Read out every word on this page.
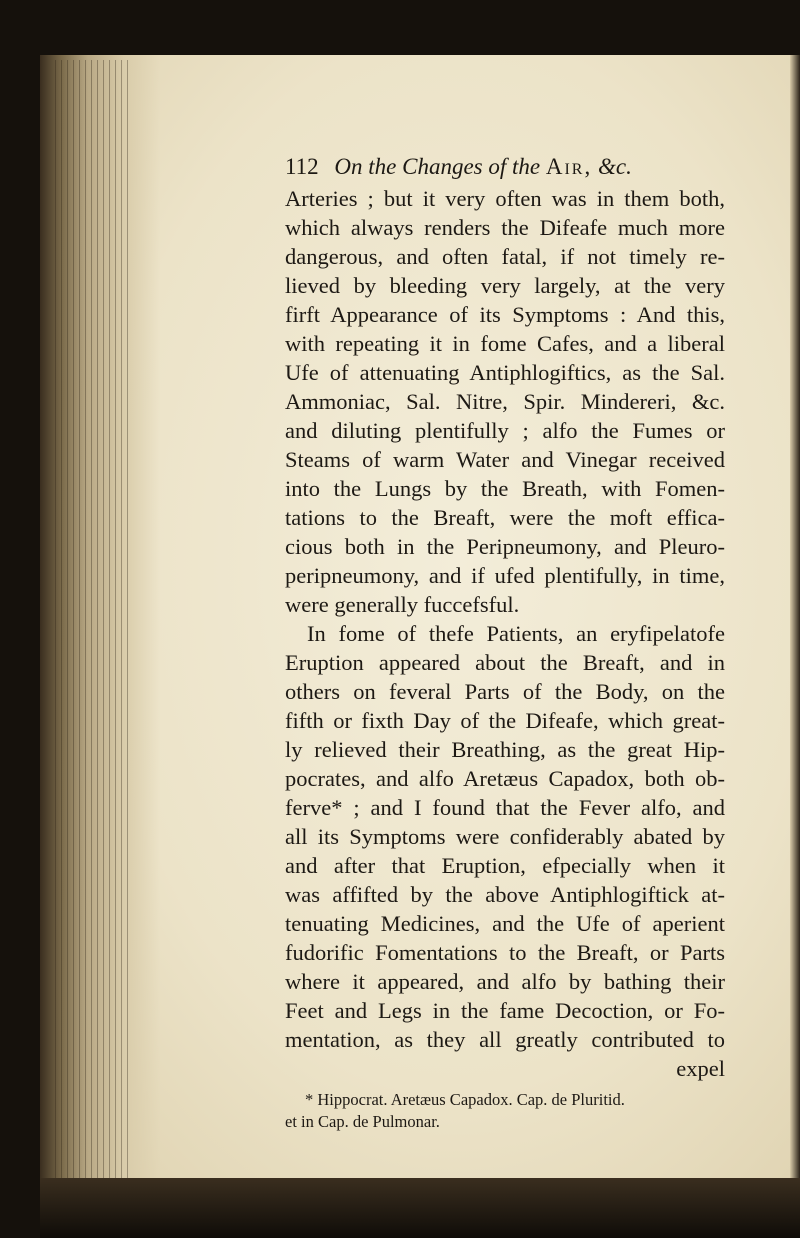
112 On the Changes of the Air, &c.
Arteries ; but it very often was in them both,
which always renders the Difeafe much more
dangerous, and often fatal, if not timely re-
lieved by bleeding very largely, at the very
firft Appearance of its Symptoms : And this,
with repeating it in fome Cafes, and a liberal
Ufe of attenuating Antiphlogiftics, as the Sal.
Ammoniac, Sal. Nitre, Spir. Mindereri, &c.
and diluting plentifully ; alfo the Fumes or
Steams of warm Water and Vinegar received
into the Lungs by the Breath, with Fomen-
tations to the Breaft, were the moft effica-
cious both in the Peripneumony, and Pleuro-
peripneumony, and if ufed plentifully, in time,
were generally fuccefsful.
In fome of thefe Patients, an eryfipelatofe
Eruption appeared about the Breaft, and in
others on feveral Parts of the Body, on the
fifth or fixth Day of the Difeafe, which great-
ly relieved their Breathing, as the great Hip-
pocrates, and alfo Aretæus Capadox, both ob-
ferve* ; and I found that the Fever alfo, and
all its Symptoms were confiderably abated by
and after that Eruption, efpecially when it
was affifted by the above Antiphlogiftick at-
tenuating Medicines, and the Ufe of aperient
fudorific Fomentations to the Breaft, or Parts
where it appeared, and alfo by bathing their
Feet and Legs in the fame Decoction, or Fo-
mentation, as they all greatly contributed to
expel
* Hippocrat. Aretæus Capadox. Cap. de Pluritid.
et in Cap. de Pulmonar.
